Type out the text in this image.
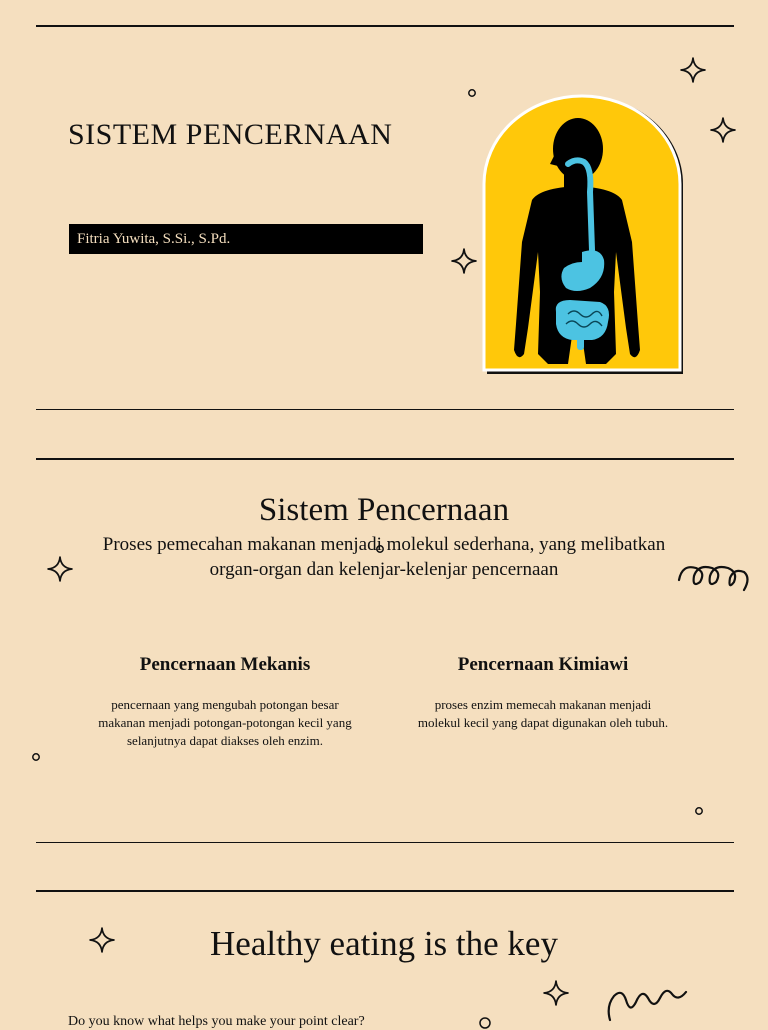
SISTEM PENCERNAAN
Fitria Yuwita, S.Si., S.Pd.
Sistem Pencernaan
Proses pemecahan makanan menjadi molekul sederhana, yang melibatkan organ-organ dan kelenjar-kelenjar pencernaan
Pencernaan Mekanis
pencernaan yang mengubah potongan besar makanan menjadi potongan-potongan kecil yang selanjutnya dapat diakses oleh enzim.
Pencernaan Kimiawi
proses enzim memecah makanan menjadi molekul kecil yang dapat digunakan oleh tubuh.
Healthy eating is the key
Do you know what helps you make your point clear?
